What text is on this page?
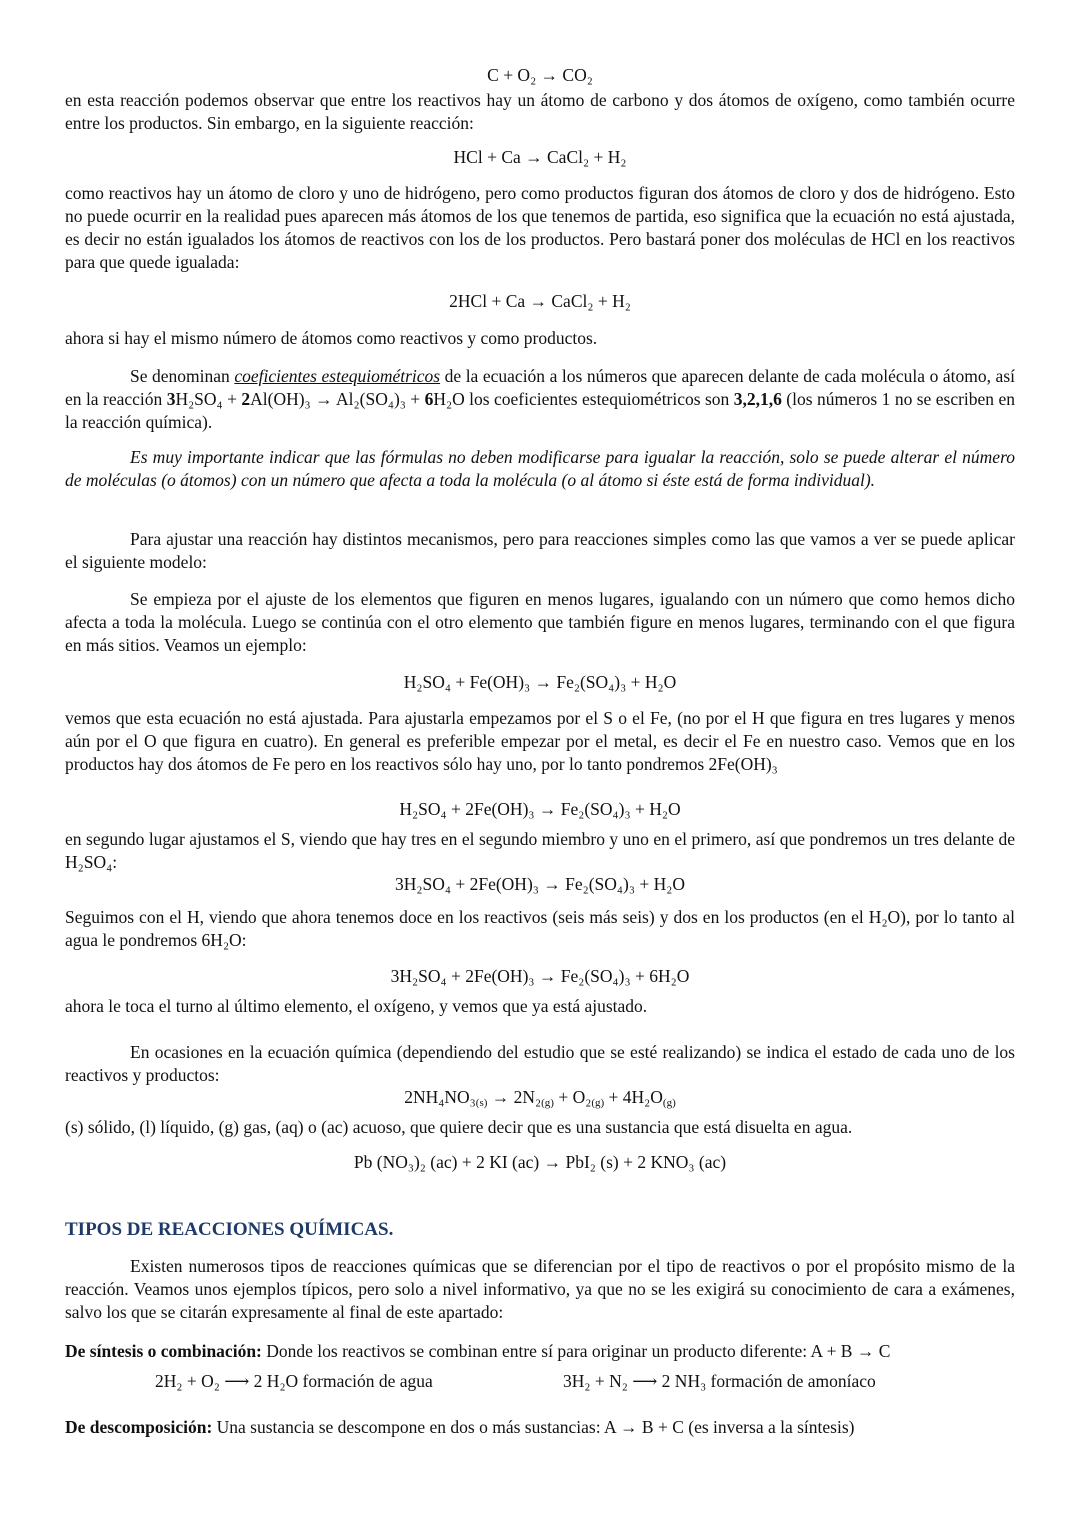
C + O₂ → CO₂

en esta reacción podemos observar que entre los reactivos hay un átomo de carbono y dos átomos de oxígeno, como también ocurre entre los productos. Sin embargo, en la siguiente reacción:

HCl + Ca → CaCl₂ + H₂

como reactivos hay un átomo de cloro y uno de hidrógeno, pero como productos figuran dos átomos de cloro y dos de hidrógeno. Esto no puede ocurrir en la realidad pues aparecen más átomos de los que tenemos de partida, eso significa que la ecuación no está ajustada, es decir no están igualados los átomos de reactivos con los de los productos. Pero bastará poner dos moléculas de HCl en los reactivos para que quede igualada:

2HCl + Ca → CaCl₂ + H₂

ahora si hay el mismo número de átomos como reactivos y como productos.

Se denominan coeficientes estequiométricos de la ecuación a los números que aparecen delante de cada molécula o átomo, así en la reacción 3H₂SO₄ + 2Al(OH)₃ → Al₂(SO₄)₃ + 6H₂O los coeficientes estequiométricos son 3,2,1,6 (los números 1 no se escriben en la reacción química).

Es muy importante indicar que las fórmulas no deben modificarse para igualar la reacción, solo se puede alterar el número de moléculas (o átomos) con un número que afecta a toda la molécula (o al átomo si éste está de forma individual).

Para ajustar una reacción hay distintos mecanismos, pero para reacciones simples como las que vamos a ver se puede aplicar el siguiente modelo:

Se empieza por el ajuste de los elementos que figuren en menos lugares, igualando con un número que como hemos dicho afecta a toda la molécula. Luego se continúa con el otro elemento que también figure en menos lugares, terminando con el que figura en más sitios. Veamos un ejemplo:

H₂SO₄ + Fe(OH)₃ → Fe₂(SO₄)₃ + H₂O

vemos que esta ecuación no está ajustada. Para ajustarla empezamos por el S o el Fe, (no por el H que figura en tres lugares y menos aún por el O que figura en cuatro). En general es preferible empezar por el metal, es decir el Fe en nuestro caso. Vemos que en los productos hay dos átomos de Fe pero en los reactivos sólo hay uno, por lo tanto pondremos 2Fe(OH)₃

H₂SO₄ + 2Fe(OH)₃ → Fe₂(SO₄)₃ + H₂O

en segundo lugar ajustamos el S, viendo que hay tres en el segundo miembro y uno en el primero, así que pondremos un tres delante de H₂SO₄:

3H₂SO₄ + 2Fe(OH)₃ → Fe₂(SO₄)₃ + H₂O

Seguimos con el H, viendo que ahora tenemos doce en los reactivos (seis más seis) y dos en los productos (en el H₂O), por lo tanto al agua le pondremos 6H₂O:

3H₂SO₄ + 2Fe(OH)₃ → Fe₂(SO₄)₃ + 6H₂O

ahora le toca el turno al último elemento, el oxígeno, y vemos que ya está ajustado.

En ocasiones en la ecuación química (dependiendo del estudio que se esté realizando) se indica el estado de cada uno de los reactivos y productos:

$2NH_4NO_3_{(s)} \to 2N_2_{(g)} + O_2_{(g)} + 4H_2O_{(g)}$

(s) sólido, (l) líquido, (g) gas, (aq) o (ac) acuoso, que quiere decir que es una sustancia que está disuelta en agua.

Pb (NO₃)₂ (ac) + 2 KI (ac) → PbI₂ (s) + 2 KNO₃ (ac)

TIPOS DE REACCIONES QUÍMICAS.

Existen numerosos tipos de reacciones químicas que se diferencian por el tipo de reactivos o por el propósito mismo de la reacción. Veamos unos ejemplos típicos, pero solo a nivel informativo, ya que no se les exigirá su conocimiento de cara a exámenes, salvo los que se citarán expresamente al final de este apartado:

De síntesis o combinación: Donde los reactivos se combinan entre sí para originar un producto diferente: A + B → C

2H₂ + O₂ ⟶ 2 H₂O formación de agua	3H₂ + N₂ ⟶ 2 NH₃ formación de amoníaco

De descomposición: Una sustancia se descompone en dos o más sustancias: A → B + C (es inversa a la síntesis)
